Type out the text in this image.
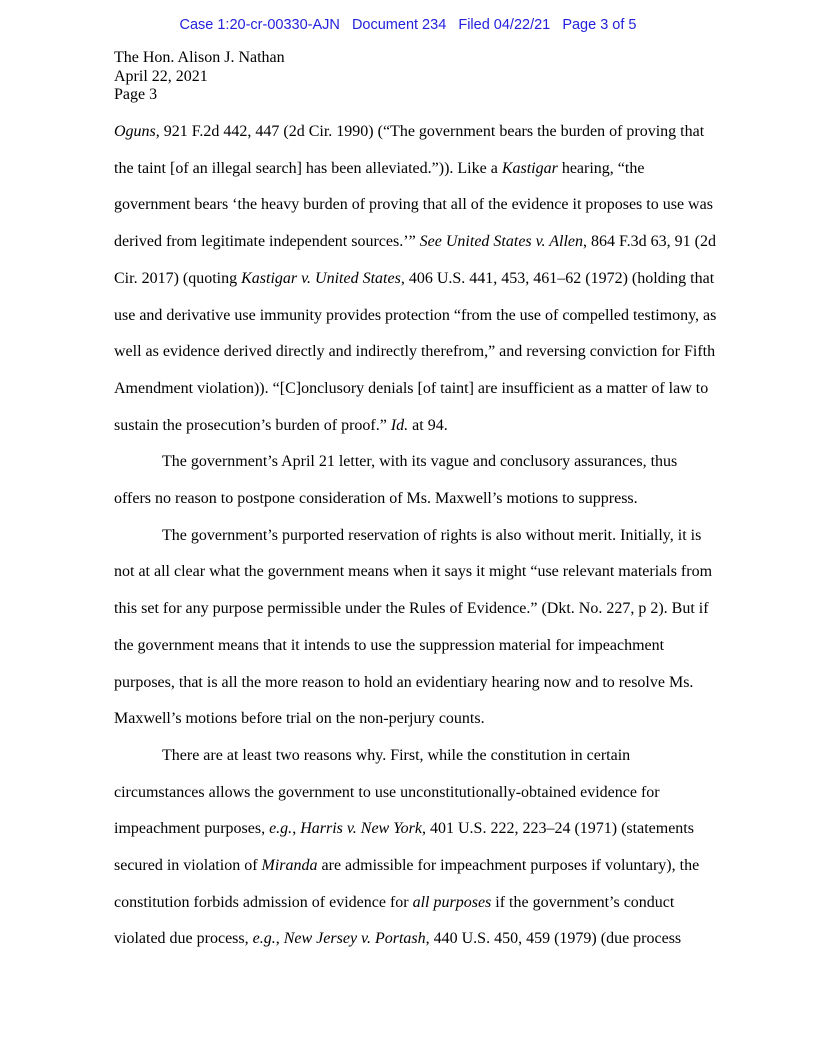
Case 1:20-cr-00330-AJN   Document 234   Filed 04/22/21   Page 3 of 5
The Hon. Alison J. Nathan
April 22, 2021
Page 3
Oguns, 921 F.2d 442, 447 (2d Cir. 1990) (“The government bears the burden of proving that
the taint [of an illegal search] has been alleviated.”)). Like a Kastigar hearing, “the
government bears ‘the heavy burden of proving that all of the evidence it proposes to use was
derived from legitimate independent sources.’” See United States v. Allen, 864 F.3d 63, 91 (2d
Cir. 2017) (quoting Kastigar v. United States, 406 U.S. 441, 453, 461–62 (1972) (holding that
use and derivative use immunity provides protection “from the use of compelled testimony, as
well as evidence derived directly and indirectly therefrom,” and reversing conviction for Fifth
Amendment violation)). “[C]onclusory denials [of taint] are insufficient as a matter of law to
sustain the prosecution’s burden of proof.” Id. at 94.
The government’s April 21 letter, with its vague and conclusory assurances, thus
offers no reason to postpone consideration of Ms. Maxwell’s motions to suppress.
The government’s purported reservation of rights is also without merit. Initially, it is
not at all clear what the government means when it says it might “use relevant materials from
this set for any purpose permissible under the Rules of Evidence.” (Dkt. No. 227, p 2). But if
the government means that it intends to use the suppression material for impeachment
purposes, that is all the more reason to hold an evidentiary hearing now and to resolve Ms.
Maxwell’s motions before trial on the non-perjury counts.
There are at least two reasons why. First, while the constitution in certain
circumstances allows the government to use unconstitutionally-obtained evidence for
impeachment purposes, e.g., Harris v. New York, 401 U.S. 222, 223–24 (1971) (statements
secured in violation of Miranda are admissible for impeachment purposes if voluntary), the
constitution forbids admission of evidence for all purposes if the government’s conduct
violated due process, e.g., New Jersey v. Portash, 440 U.S. 450, 459 (1979) (due process
